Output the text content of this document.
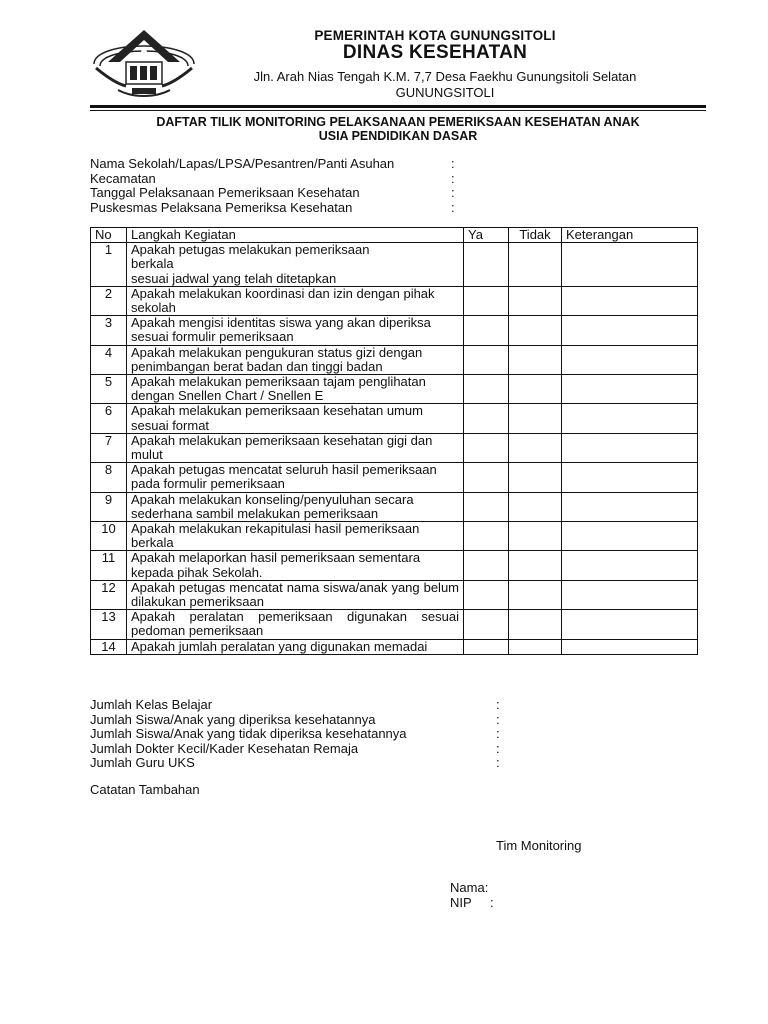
PEMERINTAH KOTA GUNUNGSITOLI
DINAS KESEHATAN
Jln. Arah Nias Tengah K.M. 7,7 Desa Faekhu Gunungsitoli Selatan
GUNUNGSITOLI
DAFTAR TILIK MONITORING PELAKSANAAN PEMERIKSAAN KESEHATAN ANAK
USIA PENDIDIKAN DASAR
Nama Sekolah/Lapas/LPSA/Pesantren/Panti Asuhan	:
Kecamatan	:
Tanggal Pelaksanaan Pemeriksaan Kesehatan	:
Puskesmas Pelaksana Pemeriksa Kesehatan	:
No	Langkah Kegiatan	Ya	Tidak	Keterangan
1	Apakah petugas melakukan pemeriksaan berkala
sesuai jadwal yang telah ditetapkan			
2	Apakah melakukan koordinasi dan izin dengan pihak sekolah			
3	Apakah mengisi identitas siswa yang akan diperiksa sesuai formulir pemeriksaan			
4	Apakah melakukan pengukuran status gizi dengan penimbangan berat badan dan tinggi badan			
5	Apakah melakukan pemeriksaan tajam penglihatan dengan Snellen Chart / Snellen E			
6	Apakah melakukan pemeriksaan kesehatan umum sesuai format			
7	Apakah melakukan pemeriksaan kesehatan gigi dan mulut			
8	Apakah petugas mencatat seluruh hasil pemeriksaan pada formulir pemeriksaan			
9	Apakah melakukan konseling/penyuluhan secara sederhana sambil melakukan pemeriksaan			
10	Apakah melakukan rekapitulasi hasil pemeriksaan berkala			
11	Apakah melaporkan hasil pemeriksaan sementara kepada pihak Sekolah.			
12	Apakah petugas mencatat nama siswa/anak yang belum dilakukan pemeriksaan			
13	Apakah peralatan pemeriksaan digunakan sesuai pedoman pemeriksaan			
14	Apakah jumlah peralatan yang digunakan memadai			
Jumlah Kelas Belajar	:
Jumlah Siswa/Anak yang diperiksa kesehatannya	:
Jumlah Siswa/Anak yang tidak diperiksa kesehatannya	:
Jumlah Dokter Kecil/Kader Kesehatan Remaja	:
Jumlah Guru UKS	:
Catatan Tambahan
Tim Monitoring
Nama:
NIP :
